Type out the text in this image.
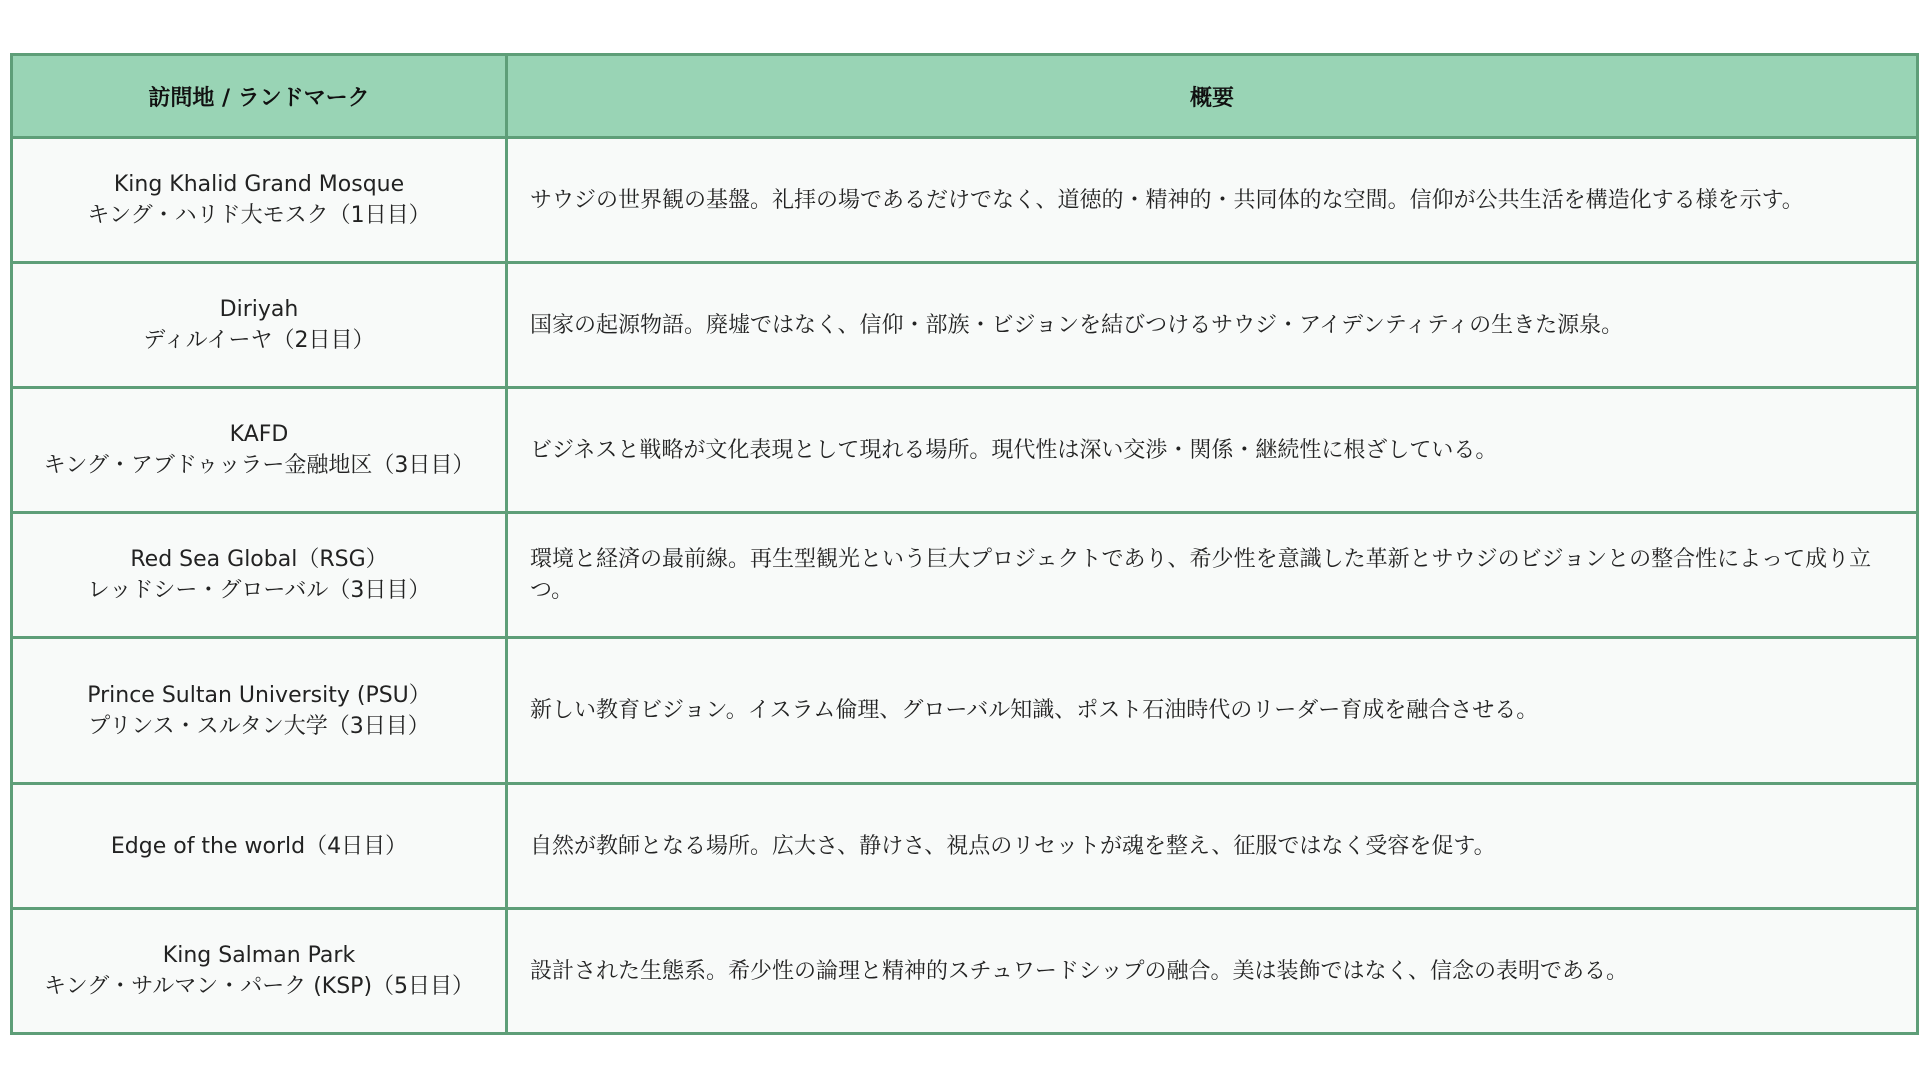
訪問地 / ランドマーク	概要

King Khalid Grand Mosque
キング・ハリド大モスク（1日目）	サウジの世界観の基盤。礼拝の場であるだけでなく、道徳的・精神的・共同体的な空間。信仰が公共生活を構造化する様を示す。

Diriyah
ディルイーヤ（2日目）	国家の起源物語。廃墟ではなく、信仰・部族・ビジョンを結びつけるサウジ・アイデンティティの生きた源泉。

KAFD
キング・アブドゥッラー金融地区（3日目）	ビジネスと戦略が文化表現として現れる場所。現代性は深い交渉・関係・継続性に根ざしている。

Red Sea Global（RSG）
レッドシー・グローバル（3日目）	環境と経済の最前線。再生型観光という巨大プロジェクトであり、希少性を意識した革新とサウジのビジョンとの整合性によって成り立つ。

Prince Sultan University (PSU）
プリンス・スルタン大学（3日目）	新しい教育ビジョン。イスラム倫理、グローバル知識、ポスト石油時代のリーダー育成を融合させる。

Edge of the world（4日目）	自然が教師となる場所。広大さ、静けさ、視点のリセットが魂を整え、征服ではなく受容を促す。

King Salman Park
キング・サルマン・パーク (KSP)（5日目）	設計された生態系。希少性の論理と精神的スチュワードシップの融合。美は装飾ではなく、信念の表明である。
